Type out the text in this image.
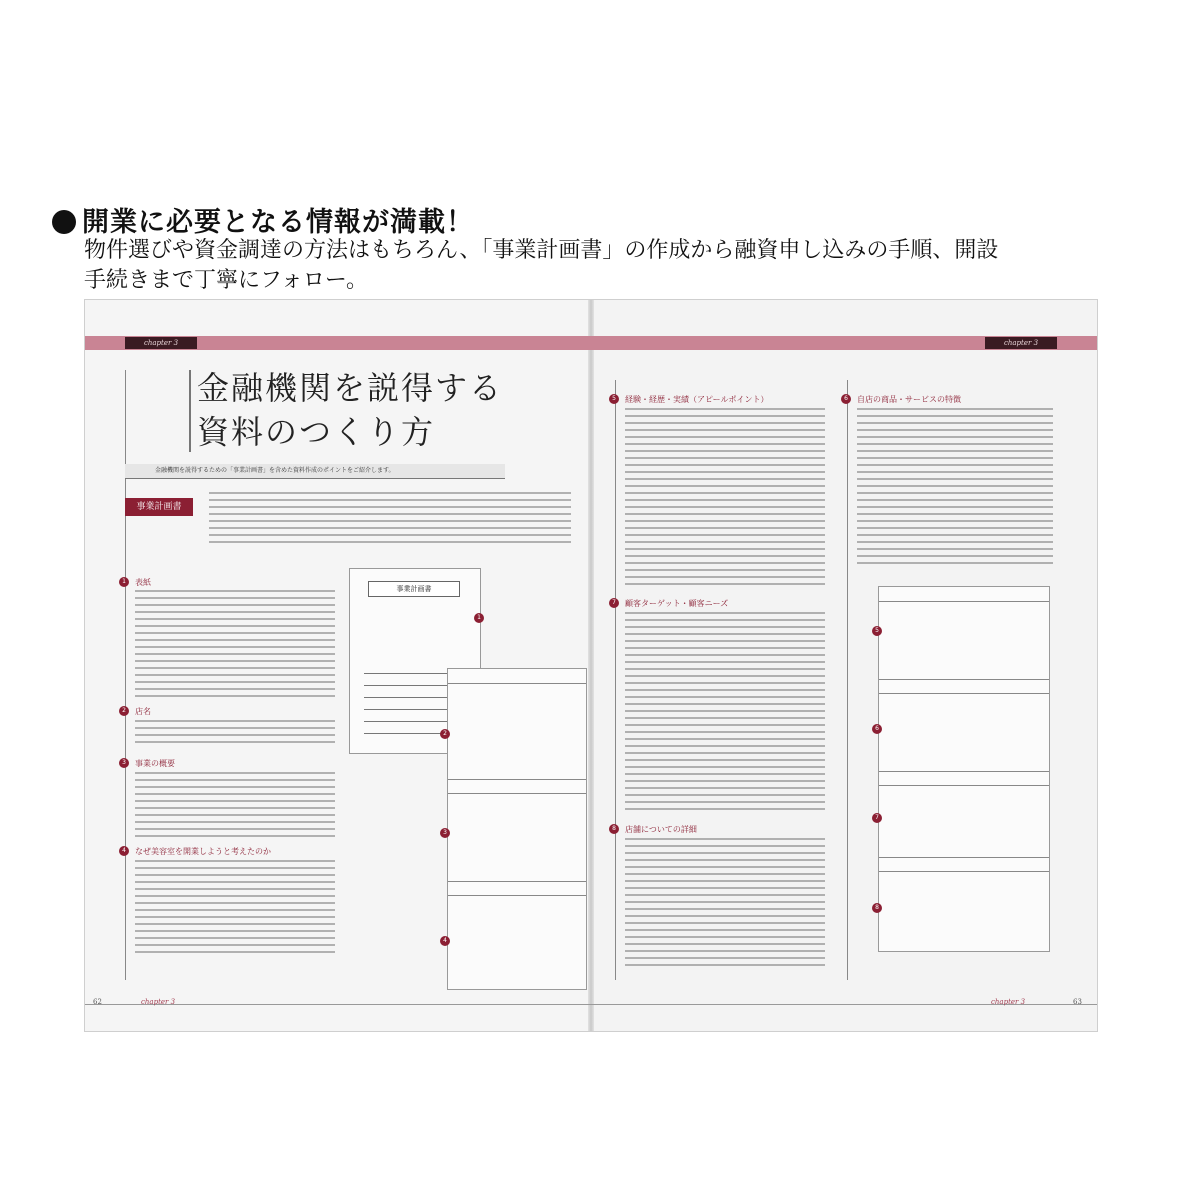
開業に必要となる情報が満載！
物件選びや資金調達の方法はもちろん、「事業計画書」の作成から融資申し込みの手順、開設
手続きまで丁寧にフォロー。
chapter 3	chapter 3
金融機関を説得する
資料のつくり方
金融機関を説得するための「事業計画書」を含めた資料作成のポイントをご紹介します。
事業計画書
1	表紙
2	店名
3	事業の概要
4	なぜ美容室を開業しようと考えたのか
事業計画書
1
2
3
4
5	経験・経歴・実績（アピールポイント）
7	顧客ターゲット・顧客ニーズ
8	店舗についての詳細
6	自店の商品・サービスの特徴
5
6
7
8
62	chapter 3	chapter 3	63
